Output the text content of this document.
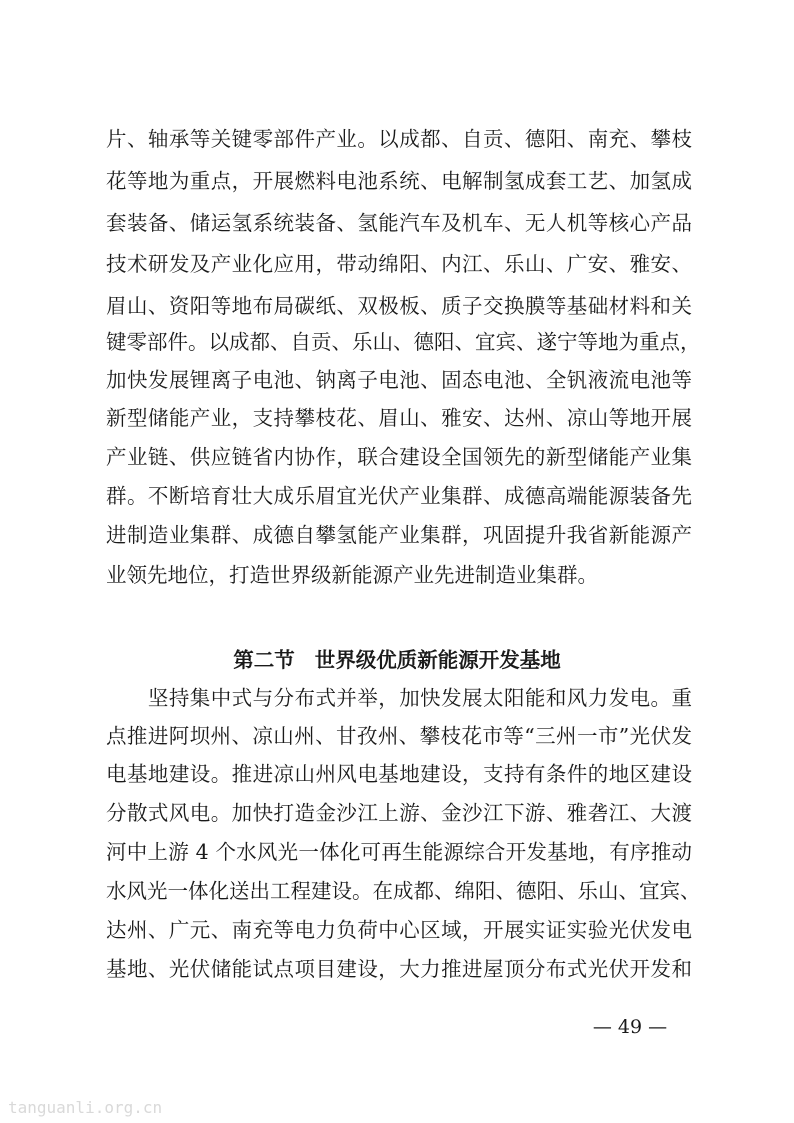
片、轴承等关键零部件产业。以成都、自贡、德阳、南充、攀枝
花等地为重点，开展燃料电池系统、电解制氢成套工艺、加氢成
套装备、储运氢系统装备、氢能汽车及机车、无人机等核心产品
技术研发及产业化应用，带动绵阳、内江、乐山、广安、雅安、
眉山、资阳等地布局碳纸、双极板、质子交换膜等基础材料和关
键零部件。以成都、自贡、乐山、德阳、宜宾、遂宁等地为重点，
加快发展锂离子电池、钠离子电池、固态电池、全钒液流电池等
新型储能产业，支持攀枝花、眉山、雅安、达州、凉山等地开展
产业链、供应链省内协作，联合建设全国领先的新型储能产业集
群。不断培育壮大成乐眉宜光伏产业集群、成德高端能源装备先
进制造业集群、成德自攀氢能产业集群，巩固提升我省新能源产
业领先地位，打造世界级新能源产业先进制造业集群。
第二节 世界级优质新能源开发基地
　　坚持集中式与分布式并举，加快发展太阳能和风力发电。重
点推进阿坝州、凉山州、甘孜州、攀枝花市等“三州一市”光伏发
电基地建设。推进凉山州风电基地建设，支持有条件的地区建设
分散式风电。加快打造金沙江上游、金沙江下游、雅砻江、大渡
河中上游 4 个水风光一体化可再生能源综合开发基地，有序推动
水风光一体化送出工程建设。在成都、绵阳、德阳、乐山、宜宾、
达州、广元、南充等电力负荷中心区域，开展实证实验光伏发电
基地、光伏储能试点项目建设，大力推进屋顶分布式光伏开发和
— 49 —
tanguanli.org.cn
